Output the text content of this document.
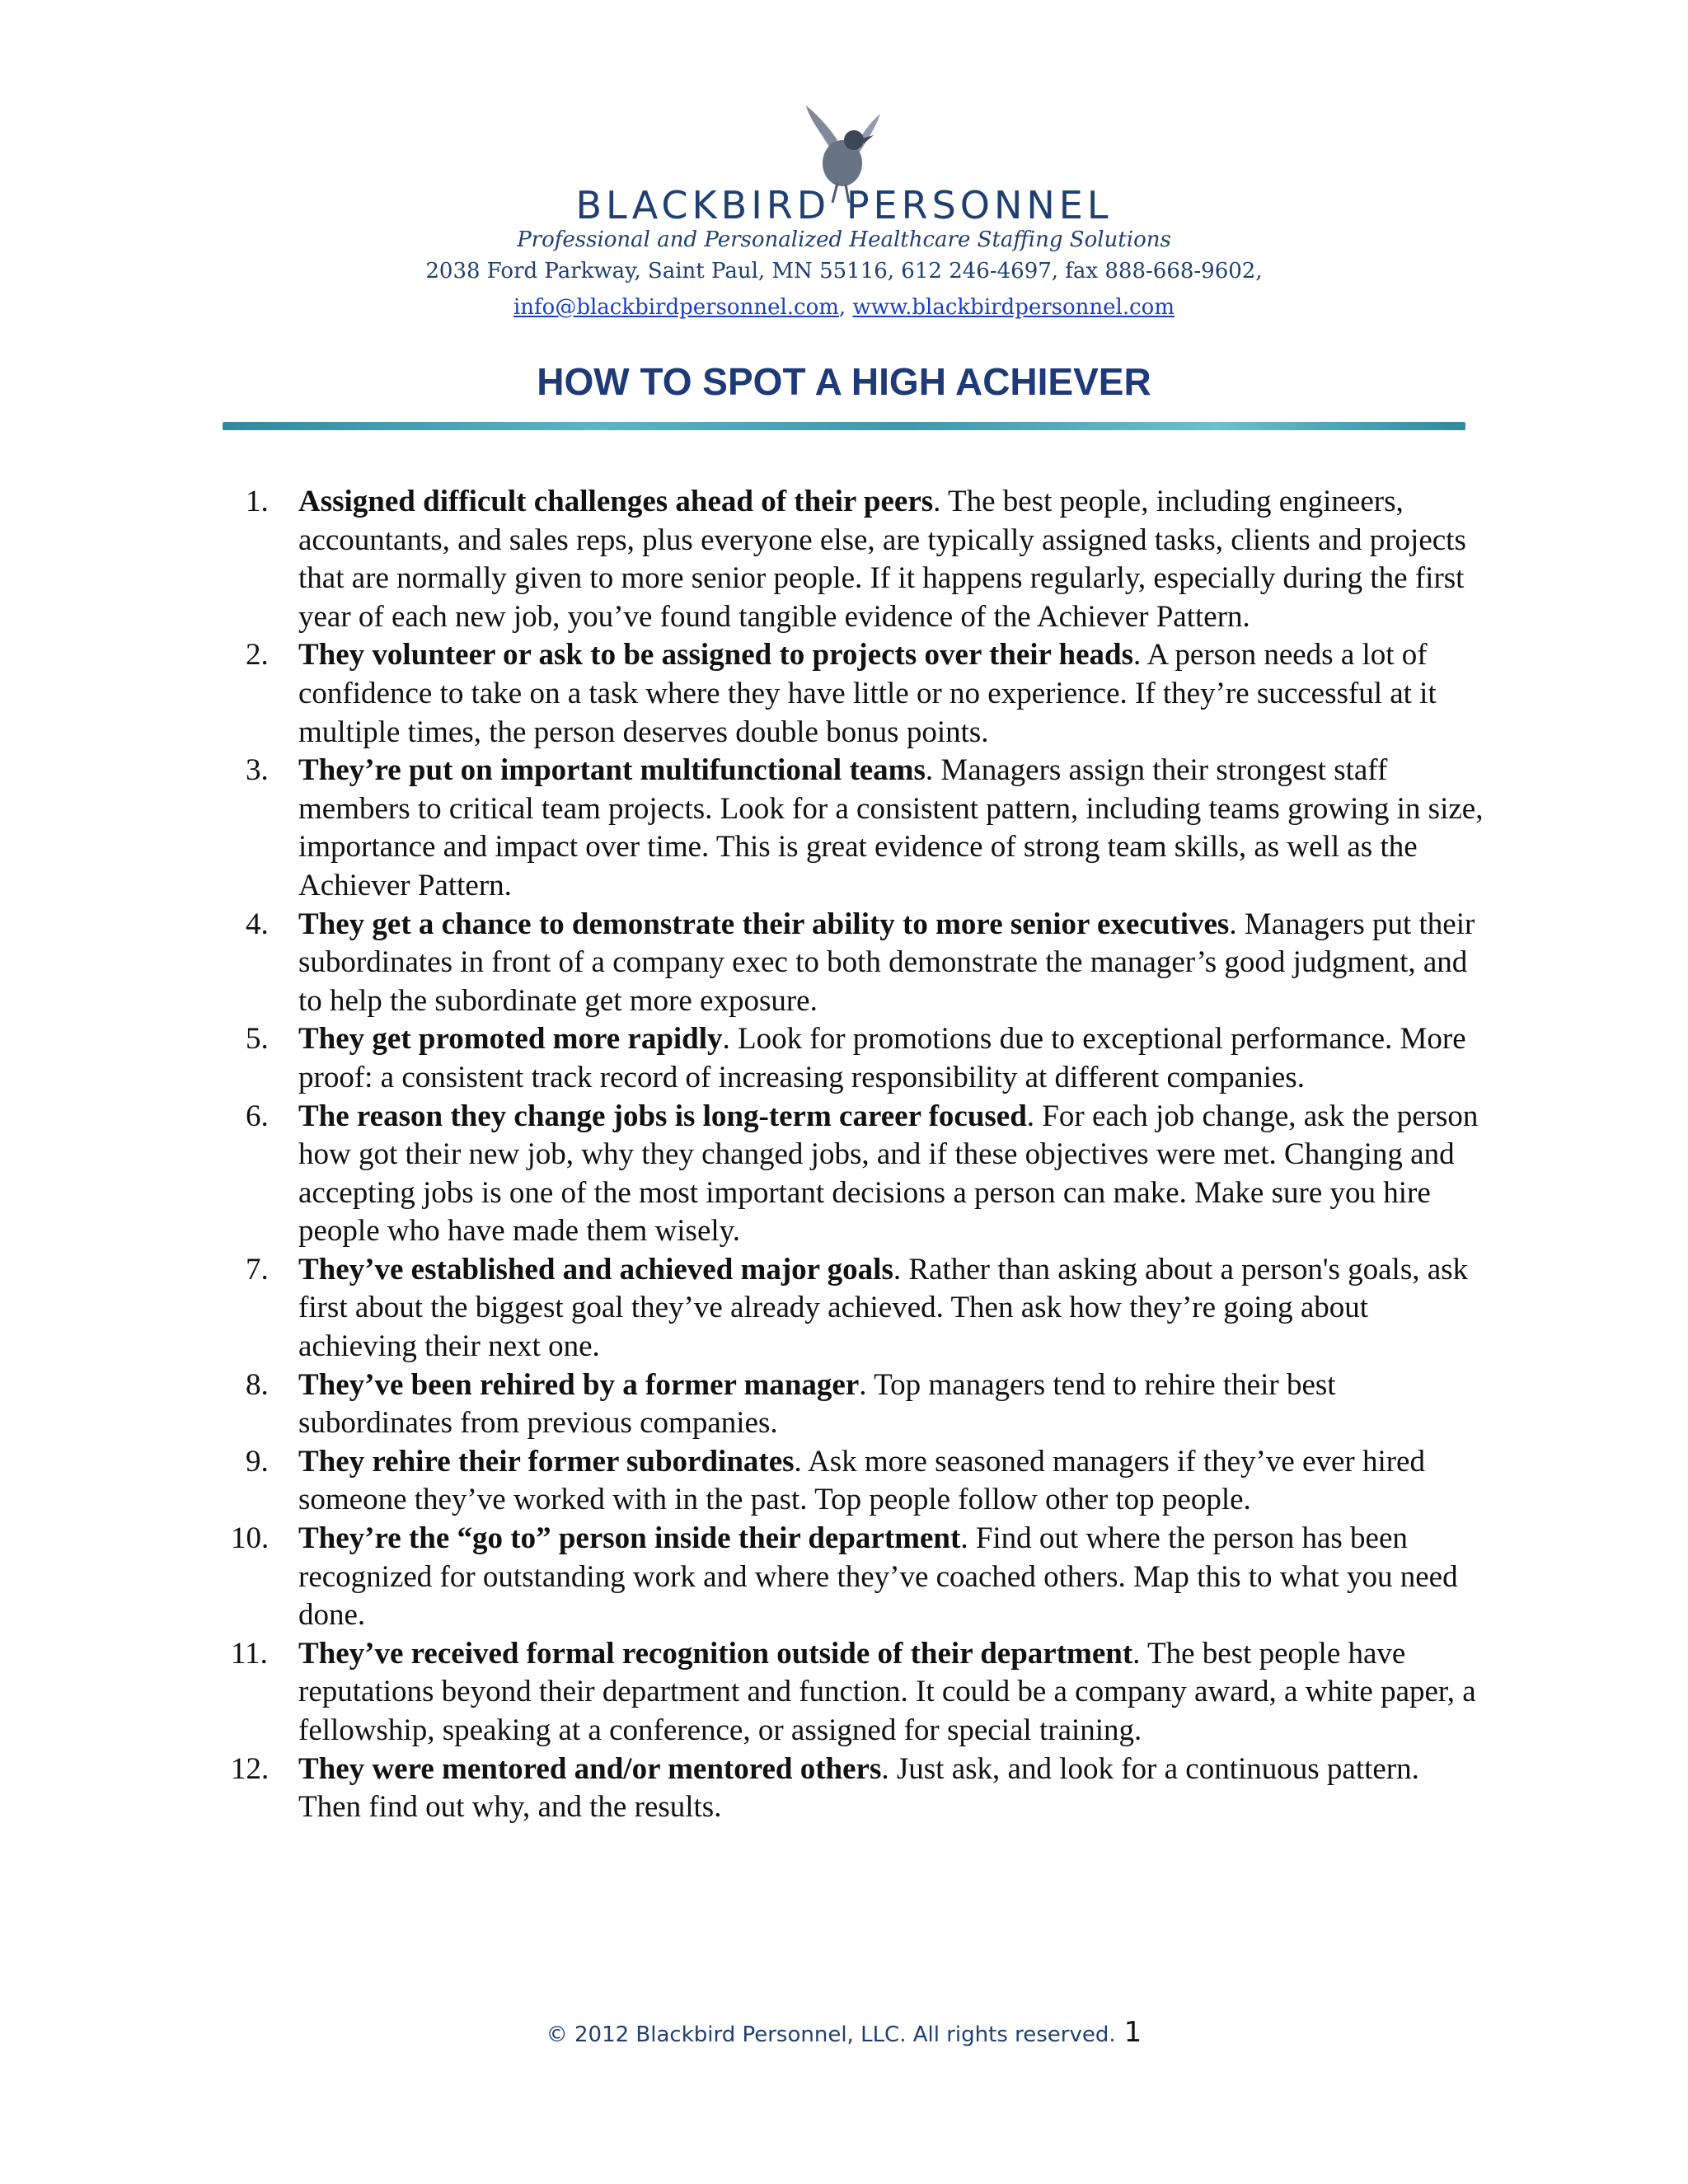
BLACKBIRD PERSONNEL
Professional and Personalized Healthcare Staffing Solutions
2038 Ford Parkway, Saint Paul, MN 55116, 612 246-4697, fax 888-668-9602,
info@blackbirdpersonnel.com, www.blackbirdpersonnel.com
HOW TO SPOT A HIGH ACHIEVER
1. Assigned difficult challenges ahead of their peers. The best people, including engineers, accountants, and sales reps, plus everyone else, are typically assigned tasks, clients and projects that are normally given to more senior people. If it happens regularly, especially during the first year of each new job, you’ve found tangible evidence of the Achiever Pattern.
2. They volunteer or ask to be assigned to projects over their heads. A person needs a lot of confidence to take on a task where they have little or no experience. If they’re successful at it multiple times, the person deserves double bonus points.
3. They’re put on important multifunctional teams. Managers assign their strongest staff members to critical team projects. Look for a consistent pattern, including teams growing in size, importance and impact over time. This is great evidence of strong team skills, as well as the Achiever Pattern.
4. They get a chance to demonstrate their ability to more senior executives. Managers put their subordinates in front of a company exec to both demonstrate the manager’s good judgment, and to help the subordinate get more exposure.
5. They get promoted more rapidly. Look for promotions due to exceptional performance. More proof: a consistent track record of increasing responsibility at different companies.
6. The reason they change jobs is long-term career focused. For each job change, ask the person how got their new job, why they changed jobs, and if these objectives were met. Changing and accepting jobs is one of the most important decisions a person can make. Make sure you hire people who have made them wisely.
7. They’ve established and achieved major goals. Rather than asking about a person's goals, ask first about the biggest goal they’ve already achieved. Then ask how they’re going about achieving their next one.
8. They’ve been rehired by a former manager. Top managers tend to rehire their best subordinates from previous companies.
9. They rehire their former subordinates. Ask more seasoned managers if they’ve ever hired someone they’ve worked with in the past. Top people follow other top people.
10. They’re the “go to” person inside their department. Find out where the person has been recognized for outstanding work and where they’ve coached others. Map this to what you need done.
11. They’ve received formal recognition outside of their department. The best people have reputations beyond their department and function. It could be a company award, a white paper, a fellowship, speaking at a conference, or assigned for special training.
12. They were mentored and/or mentored others. Just ask, and look for a continuous pattern. Then find out why, and the results.
© 2012 Blackbird Personnel, LLC. All rights reserved. 1
